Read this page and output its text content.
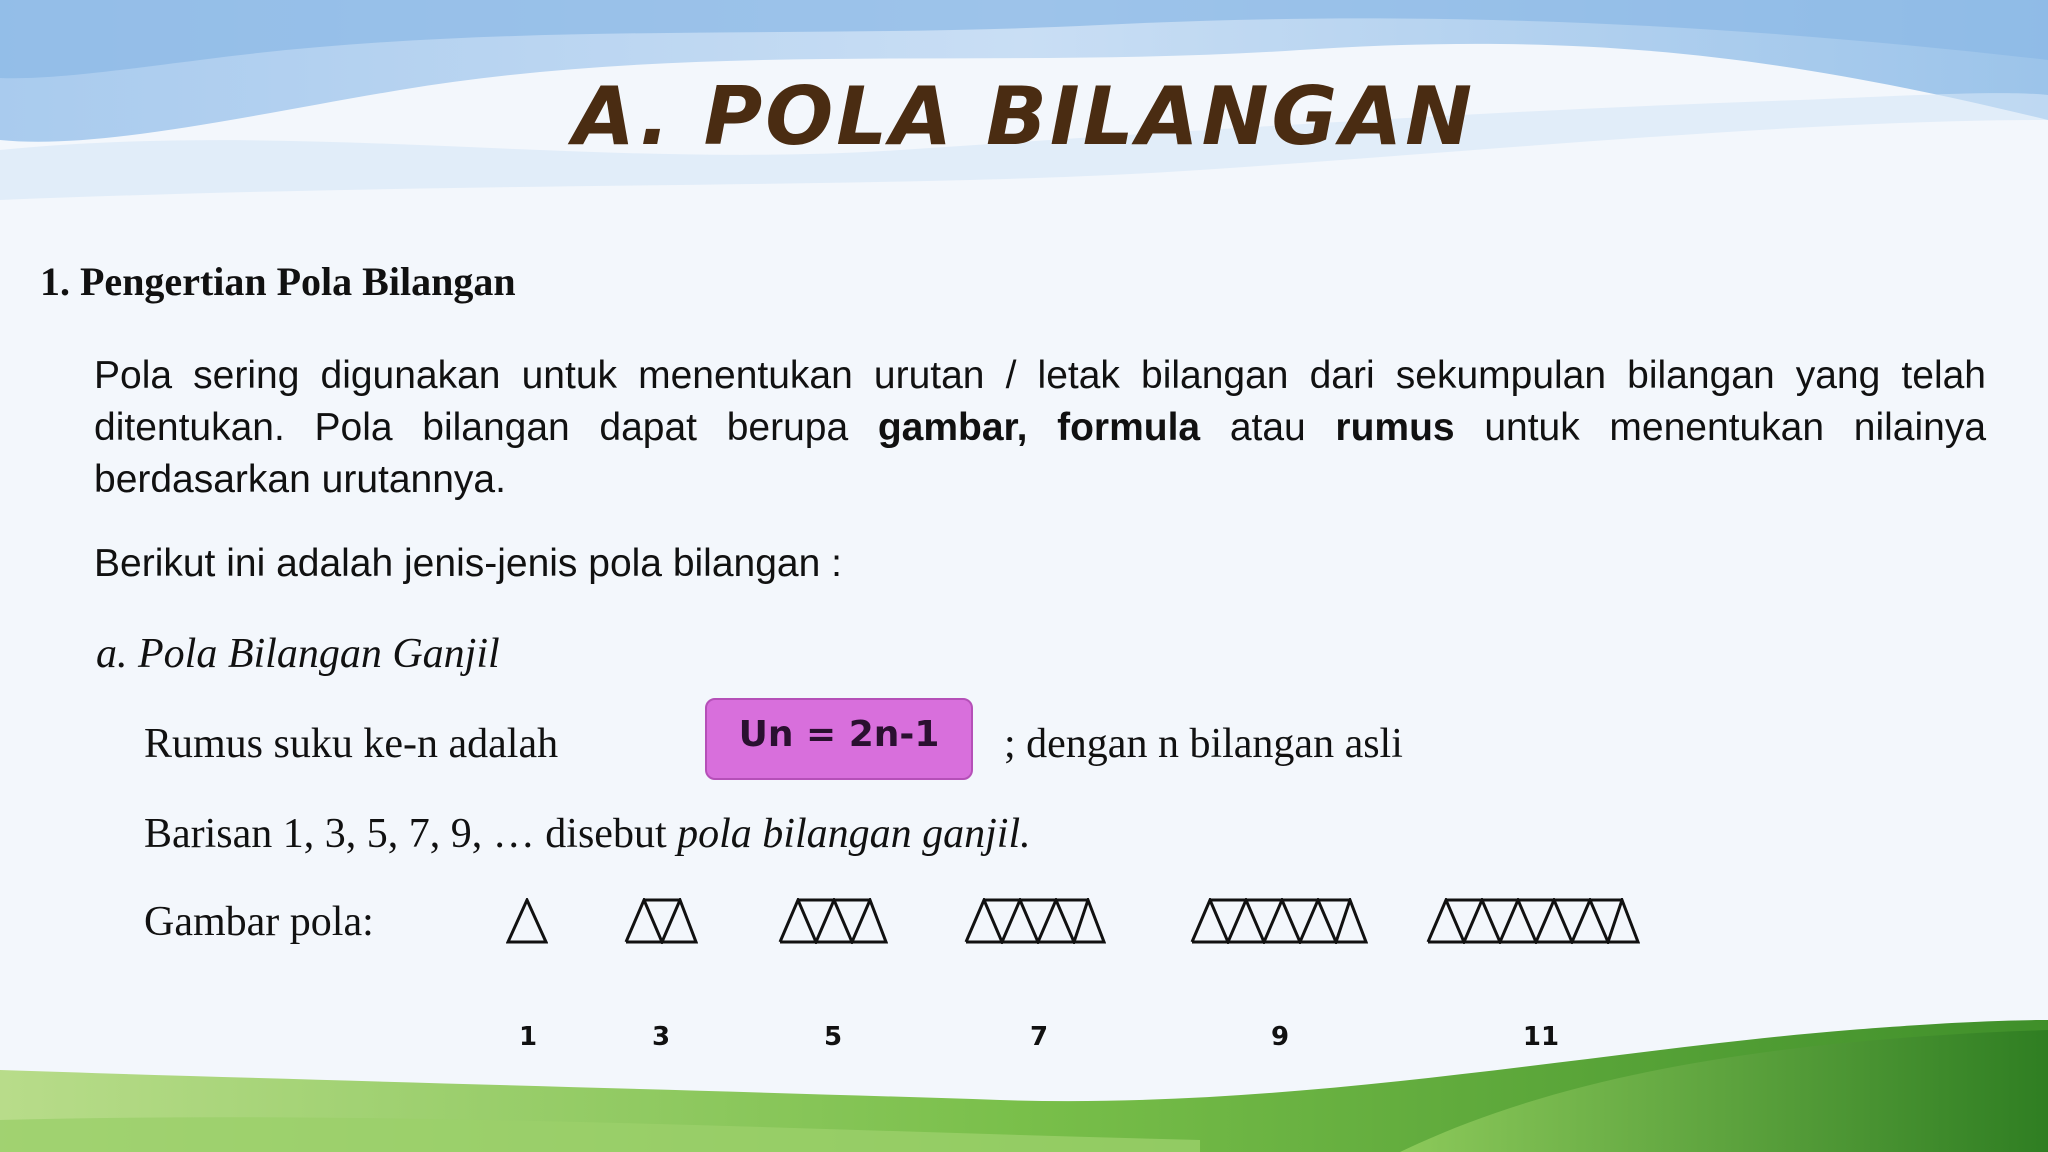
A. POLA BILANGAN
1. Pengertian Pola Bilangan
Pola sering digunakan untuk menentukan urutan / letak bilangan dari sekumpulan bilangan yang telah ditentukan. Pola bilangan dapat berupa gambar, formula atau rumus untuk menentukan nilainya berdasarkan urutannya.
Berikut ini adalah jenis-jenis pola bilangan :
a. Pola Bilangan Ganjil
Rumus suku ke-n adalah	Un = 2n-1	; dengan n bilangan asli
Barisan 1, 3, 5, 7, 9, … disebut pola bilangan ganjil.
Gambar pola:
1	3	5	7	9	11
